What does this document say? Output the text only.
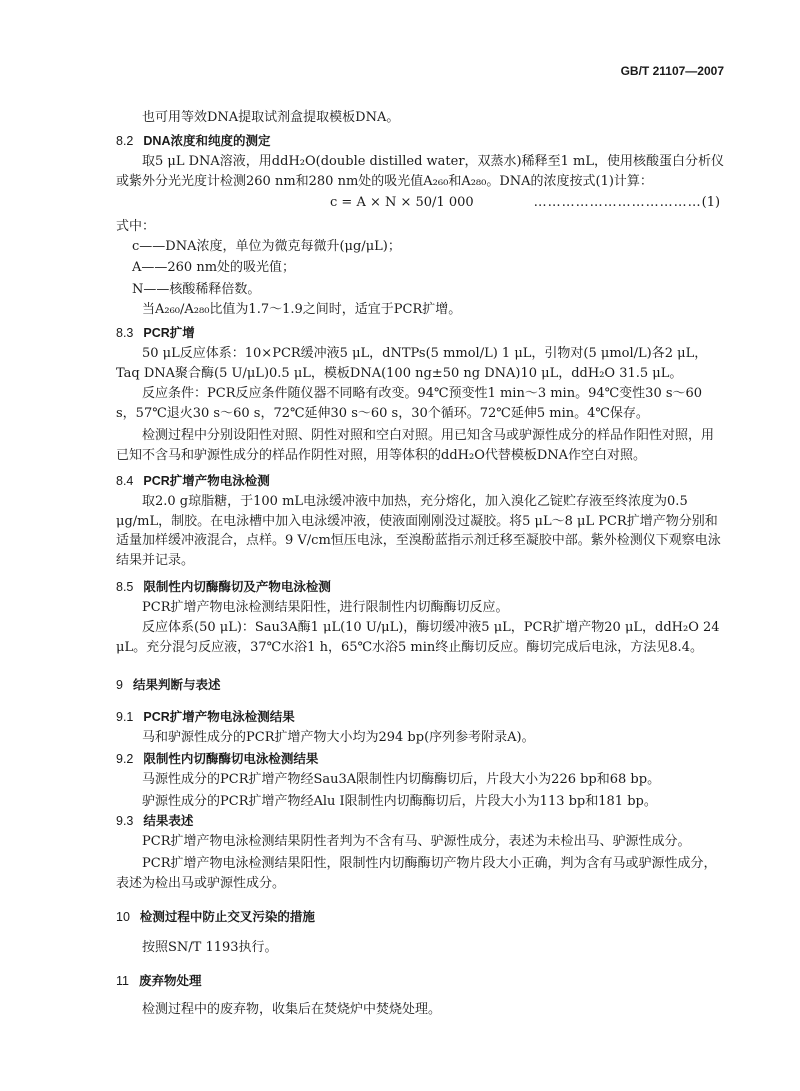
GB/T 21107—2007

也可用等效DNA提取试剂盒提取模板DNA。

8.2 DNA浓度和纯度的测定

取5 μL DNA溶液，用ddH₂O(double distilled water，双蒸水)稀释至1 mL，使用核酸蛋白分析仪或紫外分光光度计检测260 nm和280 nm处的吸光值A₂₆₀和A₂₈₀。DNA的浓度按式(1)计算：

c = A × N × 50/1 000	………………………………(1)

式中：

c——DNA浓度，单位为微克每微升(μg/μL)；

A——260 nm处的吸光值；

N——核酸稀释倍数。

当A₂₆₀/A₂₈₀比值为1.7～1.9之间时，适宜于PCR扩增。

8.3 PCR扩增

50 μL反应体系：10×PCR缓冲液5 μL，dNTPs(5 mmol/L) 1 μL，引物对(5 μmol/L)各2 μL，Taq DNA聚合酶(5 U/μL)0.5 μL，模板DNA(100 ng±50 ng DNA)10 μL，ddH₂O 31.5 μL。

反应条件：PCR反应条件随仪器不同略有改变。94℃预变性1 min～3 min。94℃变性30 s～60 s，57℃退火30 s～60 s，72℃延伸30 s～60 s，30个循环。72℃延伸5 min。4℃保存。

检测过程中分别设阳性对照、阴性对照和空白对照。用已知含马或驴源性成分的样品作阳性对照，用已知不含马和驴源性成分的样品作阴性对照，用等体积的ddH₂O代替模板DNA作空白对照。

8.4 PCR扩增产物电泳检测

取2.0 g琼脂糖，于100 mL电泳缓冲液中加热，充分熔化，加入溴化乙锭贮存液至终浓度为0.5 μg/mL，制胶。在电泳槽中加入电泳缓冲液，使液面刚刚没过凝胶。将5 μL～8 μL PCR扩增产物分别和适量加样缓冲液混合，点样。9 V/cm恒压电泳，至溴酚蓝指示剂迁移至凝胶中部。紫外检测仪下观察电泳结果并记录。

8.5 限制性内切酶酶切及产物电泳检测

PCR扩增产物电泳检测结果阳性，进行限制性内切酶酶切反应。

反应体系(50 μL)：Sau3A酶1 μL(10 U/μL)，酶切缓冲液5 μL，PCR扩增产物20 μL，ddH₂O 24 μL。充分混匀反应液，37℃水浴1 h，65℃水浴5 min终止酶切反应。酶切完成后电泳，方法见8.4。

9 结果判断与表述

9.1 PCR扩增产物电泳检测结果

马和驴源性成分的PCR扩增产物大小均为294 bp(序列参考附录A)。

9.2 限制性内切酶酶切电泳检测结果

马源性成分的PCR扩增产物经Sau3A限制性内切酶酶切后，片段大小为226 bp和68 bp。

驴源性成分的PCR扩增产物经Alu I限制性内切酶酶切后，片段大小为113 bp和181 bp。

9.3 结果表述

PCR扩增产物电泳检测结果阴性者判为不含有马、驴源性成分，表述为未检出马、驴源性成分。

PCR扩增产物电泳检测结果阳性，限制性内切酶酶切产物片段大小正确，判为含有马或驴源性成分，表述为检出马或驴源性成分。

10 检测过程中防止交叉污染的措施

按照SN/T 1193执行。

11 废弃物处理

检测过程中的废弃物，收集后在焚烧炉中焚烧处理。
